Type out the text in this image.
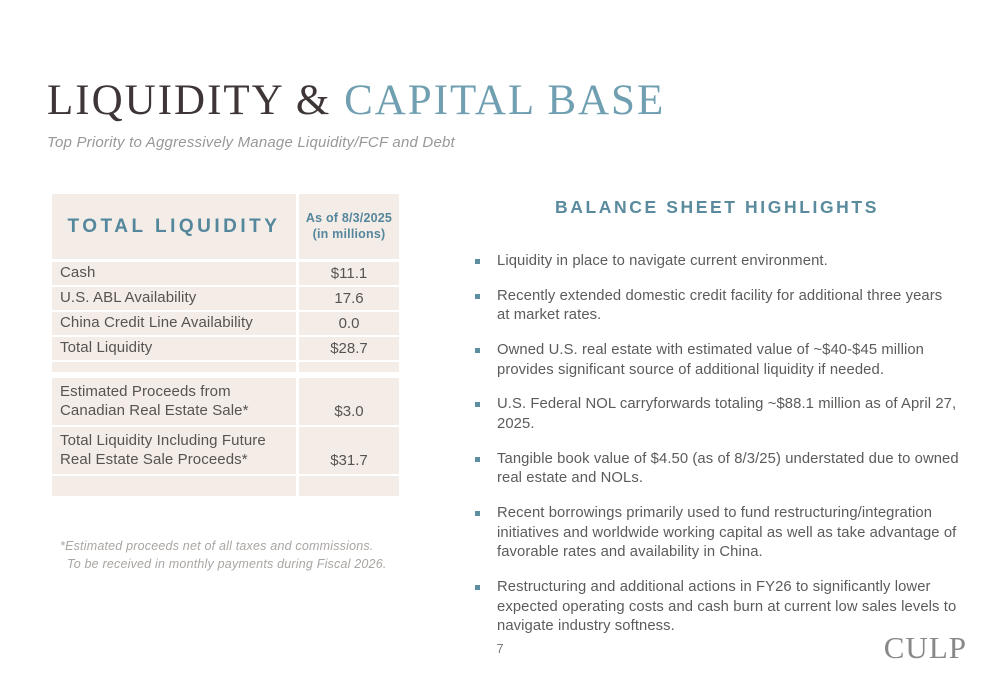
LIQUIDITY & CAPITAL BASE
Top Priority to Aggressively Manage Liquidity/FCF and Debt
TOTAL LIQUIDITY	As of 8/3/2025
(in millions)
Cash	$11.1
U.S. ABL Availability	17.6
China Credit Line Availability	0.0
Total Liquidity	$28.7
Estimated Proceeds from Canadian Real Estate Sale*	$3.0
Total Liquidity Including Future Real Estate Sale Proceeds*	$31.7
*Estimated proceeds net of all taxes and commissions.
To be received in monthly payments during Fiscal 2026.
BALANCE SHEET HIGHLIGHTS
Liquidity in place to navigate current environment.
Recently extended domestic credit facility for additional three years at market rates.
Owned U.S. real estate with estimated value of ~$40-$45 million provides significant source of additional liquidity if needed.
U.S. Federal NOL carryforwards totaling ~$88.1 million as of April 27, 2025.
Tangible book value of $4.50 (as of 8/3/25) understated due to owned real estate and NOLs.
Recent borrowings primarily used to fund restructuring/integration initiatives and worldwide working capital as well as take advantage of favorable rates and availability in China.
Restructuring and additional actions in FY26 to significantly lower expected operating costs and cash burn at current low sales levels to navigate industry softness.
7	CULP
